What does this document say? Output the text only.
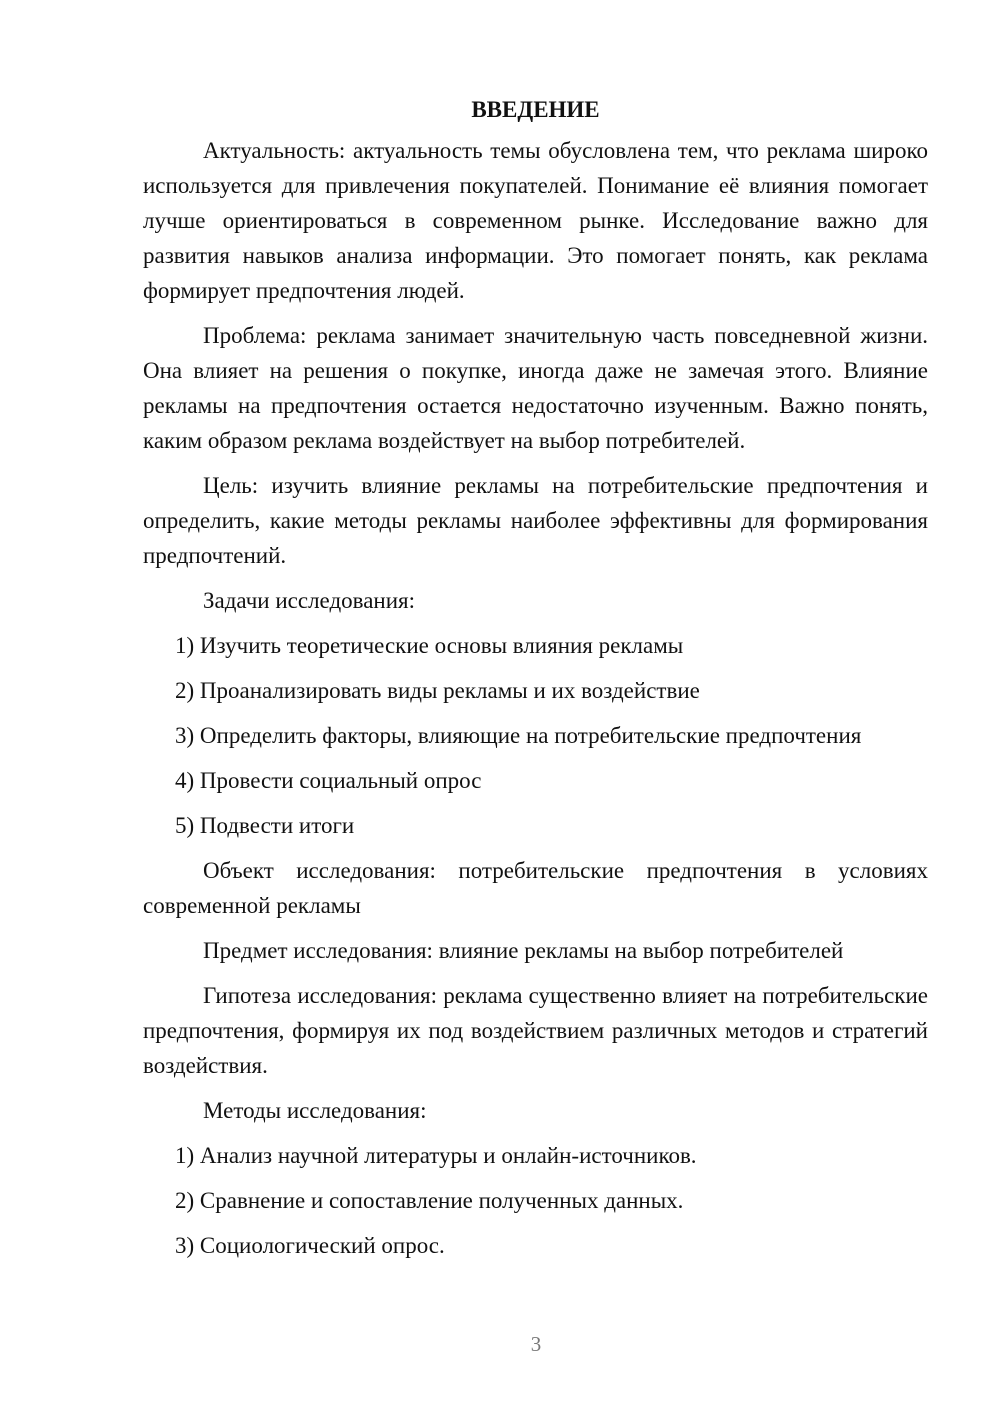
ВВЕДЕНИЕ
Актуальность: актуальность темы обусловлена тем, что реклама широко используется для привлечения покупателей. Понимание её влияния помогает лучше ориентироваться в современном рынке. Исследование важно для развития навыков анализа информации. Это помогает понять, как реклама формирует предпочтения людей.
Проблема: реклама занимает значительную часть повседневной жизни. Она влияет на решения о покупке, иногда даже не замечая этого. Влияние рекламы на предпочтения остается недостаточно изученным. Важно понять, каким образом реклама воздействует на выбор потребителей.
Цель: изучить влияние рекламы на потребительские предпочтения и определить, какие методы рекламы наиболее эффективны для формирования предпочтений.
Задачи исследования:
1) Изучить теоретические основы влияния рекламы
2) Проанализировать виды рекламы и их воздействие
3) Определить факторы, влияющие на потребительские предпочтения
4) Провести социальный опрос
5) Подвести итоги
Объект исследования: потребительские предпочтения в условиях современной рекламы
Предмет исследования: влияние рекламы на выбор потребителей
Гипотеза исследования: реклама существенно влияет на потребительские предпочтения, формируя их под воздействием различных методов и стратегий воздействия.
Методы исследования:
1) Анализ научной литературы и онлайн-источников.
2) Сравнение и сопоставление полученных данных.
3) Социологический опрос.
3
